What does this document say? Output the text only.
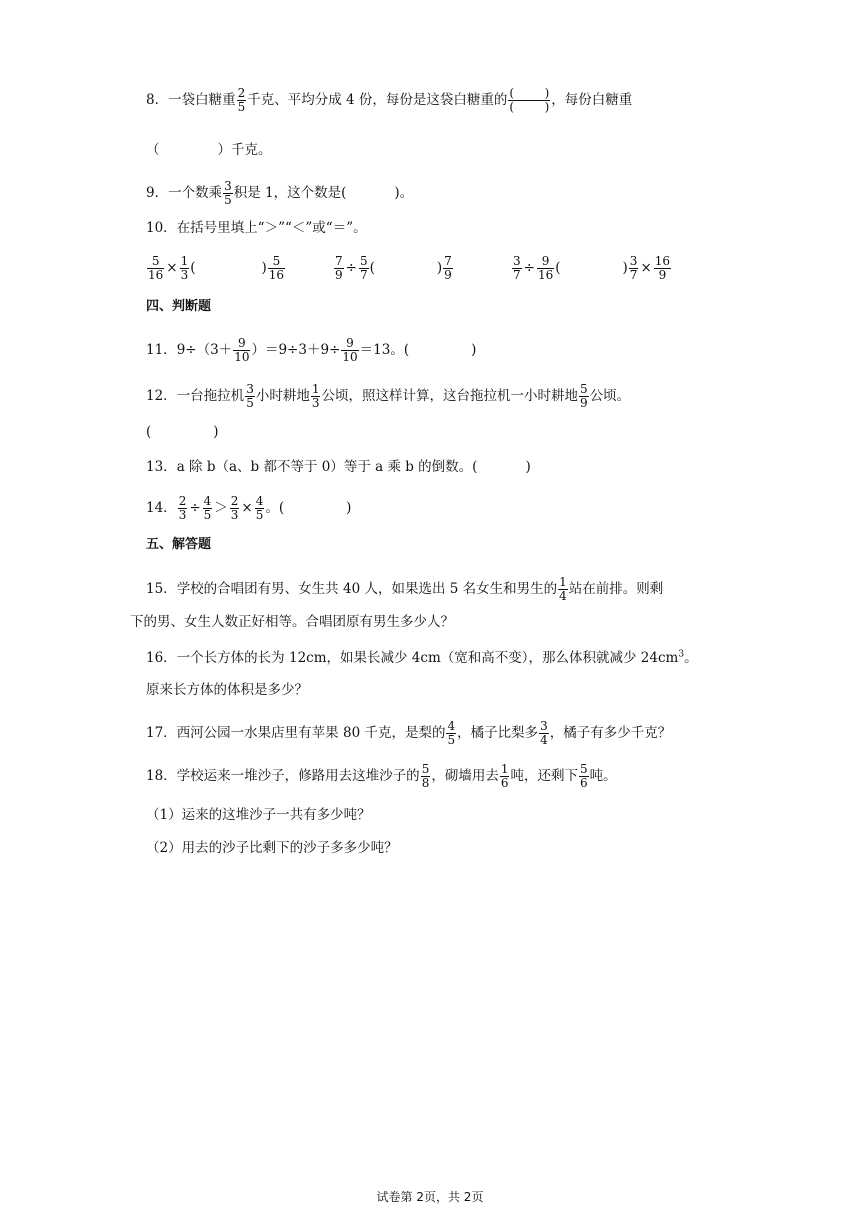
8．一袋白糖重 $\frac{2}{5}$ 千克、平均分成 4 份，每份是这袋白糖重的 $\frac{( )}{( )}$ ，每份白糖重
（	）千克。
9．一个数乘 $\frac{3}{5}$ 积是 1，这个数是(	)。
10．在括号里填上“＞”“＜”或“＝”。
$\frac{5}{16} \times \frac{1}{3}$ (	) $\frac{5}{16}$	$\frac{7}{9} \div \frac{5}{7}$ (	) $\frac{7}{9}$	$\frac{3}{7} \div \frac{9}{16}$ (	) $\frac{3}{7} \times \frac{16}{9}$
四、判断题
11．$9\div(3+ \frac{9}{10} )=9\div 3+9\div \frac{9}{10} =13$。(	)
12．一台拖拉机 $\frac{3}{5}$ 小时耕地 $\frac{1}{3}$ 公顷，照这样计算，这台拖拉机一小时耕地 $\frac{5}{9}$ 公顷。
(	)
13．a 除 b（a、b 都不等于 0）等于 a 乘 b 的倒数。(	)
14． $\frac{2}{3} \div \frac{4}{5} > \frac{2}{3} \times \frac{4}{5}$ 。(	)
五、解答题
15．学校的合唱团有男、女生共 40 人，如果选出 5 名女生和男生的 $\frac{1}{4}$ 站在前排。则剩
下的男、女生人数正好相等。合唱团原有男生多少人？
16．一个长方体的长为 12cm，如果长减少 4cm（宽和高不变），那么体积就减少 $24cm^3$。
原来长方体的体积是多少？
17．西河公园一水果店里有苹果 80 千克，是梨的 $\frac{4}{5}$ ，橘子比梨多 $\frac{3}{4}$ ，橘子有多少千克？
18．学校运来一堆沙子，修路用去这堆沙子的 $\frac{5}{8}$ ，砌墙用去 $\frac{1}{6}$ 吨，还剩下 $\frac{5}{6}$ 吨。
（1）运来的这堆沙子一共有多少吨？
（2）用去的沙子比剩下的沙子多多少吨？
试卷第 2页，共 2页
